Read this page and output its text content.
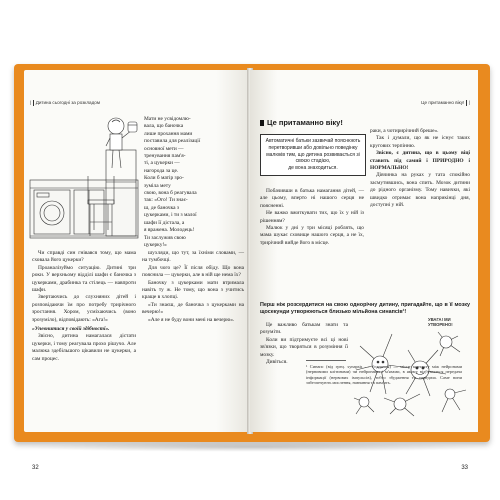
| Дитина сьогодні за розкладом
Мати не усвідомлю-
вала, що баночка
лише прохання мами
поставила для реалізації
основної мети —
тренування пам'я-
ті, а цукерки —
нагорода за це.
Коли б матір зро-
зуміла мету
свою, вона б реагувала
так: «Ого! Ти знає-
ш, де баночка з
цукерками, і ти з малої
шафи її дістала, а
я вражена. Молодець!
Ти заслужив свою
цукерку!»

Чи справді син гнівався тому, що мама сховала його цукерки?

Проаналізуймо ситуацію. Дитині три роки. У верхньому відділі шафи є баночка з цукерками, драбинка та стілець — навпроти шафи.

Звертаючись до слухняних дітей і розповідаючи їм про потребу трирічного зростання. Хором, усміхаючись (воно зрозуміло), відповідають: «Ага!»

«Упевнитися у своїй здібності».

Звісно, дитина намагалася дістати цукерки, і тому реагувала прохо рішучо. Але малюка здебільшого цікавили не цукерки, а сам процес.

шухляди, що тут, за їхніми словами, — на тумбочці.

Для чого це? Її після обіду. Що вона пояснила — цукерки, але в ній ще нема їх?

Баночку з цукерками мати втримала навіть ту ж. Не тому, що вона з учитись краще в хлопці.

«Ти знаєш, де баночка з цукерками на вечерю!»

«Але я не буду вони мені на вечерю».

32
Це притаманно віку! |
Це притаманно віку!

Автоматичні батьки зазвичай пояснюють перетворивши або довільно поведінку малюків тим, що дитина розвивається зі своєю стадією,

де вона знаходиться.

Побачивши в батька намагання дітей, — але цьому, вперто ні нашого серця не поясненні.

Не важко вжиткувати тих, що їх у ній із рішенням?

Малюк у дні у три місяці роблять, що мама шукає сховище нашого серця, а не їх, трирічний вийде його в місце.

раки, а чотирирічний бреше».

Так і думали, що як не існує таких кругових терпінню.

Звісно, є дитина, що в цьому віці ставить під самий і ПРИРОДНО і НОРМАЛЬНО!

Дівчинка на руках у тата спокійно засмутившись, вона спить. Мозок дитини до рідного організму. Тому навички, які швидко отримає вона наприкінці дня, доступні у ній.

Перш ніж розсердитися на свою однорічну дитину, пригадайте, що в її мозку щосекунди утворюються близько мільйона синапсів¹!

Це важливо батькам знати та розуміти.

Коли ви підтримуєте всі ці нові зв'язки, що творяться в розуміння її мозку.

Дивіться.

УВАГА! МИ УТВОРЕНО!
¹ Синапс (від грец. synapsis — з'єднання) — місце контакту між нейронами (нервовими клітинами) чи нейронами і м'язами, в якому відбувається передача інформації (нервових імпульсів), тобто збудження та передача. Саме вони забезпечують мислення, навчання та пам'ять.
33
